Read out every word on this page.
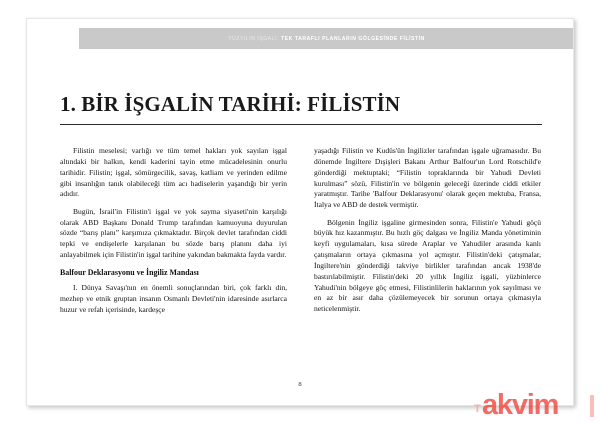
YÜZYILIN İŞGALİ: TEK TARAFLI PLANLARIN GÖLGESİNDE FİLİSTİN
1. BİR İŞGALİN TARİHİ: FİLİSTİN

Filistin meselesi; varlığı ve tüm temel hakları yok sayılan işgal altındaki bir halkın, kendi kaderini tayin etme mücadelesinin onurlu tarihidir. Filistin; işgal, sömürgecilik, savaş, katliam ve yerinden edilme gibi insanlığın tanık olabileceği tüm acı hadiselerin yaşandığı bir yerin adıdır.

Bugün, İsrail'in Filistin'i işgal ve yok sayma siyaseti'nin karşılığı olarak ABD Başkanı Donald Trump tarafından kamuoyuna duyurulan sözde “barış planı” karşımıza çıkmaktadır. Birçok devlet tarafından ciddi tepki ve endişelerle karşılanan bu sözde barış planını daha iyi anlayabilmek için Filistin'in işgal tarihine yakından bakmakta fayda vardır.

Balfour Deklarasyonu ve İngiliz Mandası

I. Dünya Savaşı'nın en önemli sonuçlarından biri, çok farklı din, mezhep ve etnik gruptan insanın Osmanlı Devleti'nin idaresinde asırlarca huzur ve refah içerisinde, kardeşçe

yaşadığı Filistin ve Kudüs'ün İngilizler tarafından işgale uğramasıdır. Bu dönemde İngiltere Dışişleri Bakanı Arthur Balfour'un Lord Rotschild'e gönderdiği mektuptaki; “Filistin topraklarında bir Yahudi Devleti kurulması” sözü, Filistin'in ve bölgenin geleceği üzerinde ciddi etkiler yaratmıştır. Tarihe 'Balfour Deklarasyonu' olarak geçen mektuba, Fransa, İtalya ve ABD de destek vermiştir.

Bölgenin İngiliz işgaline girmesinden sonra, Filistin'e Yahudi göçü büyük hız kazanmıştır. Bu hızlı göç dalgası ve İngiliz Manda yönetiminin keyfi uygulamaları, kısa sürede Araplar ve Yahudiler arasında kanlı çatışmaların ortaya çıkmasına yol açmıştır. Filistin'deki çatışmalar, İngiltere'nin gönderdiği takviye birlikler tarafından ancak 1938'de bastırılabilmiştir. Filistin'deki 20 yıllık İngiliz işgali, yüzbinlerce Yahudi'nin bölgeye göç etmesi, Filistinlilerin haklarının yok sayılması ve en az bir asır daha çözülemeyecek bir sorunun ortaya çıkmasıyla neticelenmiştir.

8
T akvim
